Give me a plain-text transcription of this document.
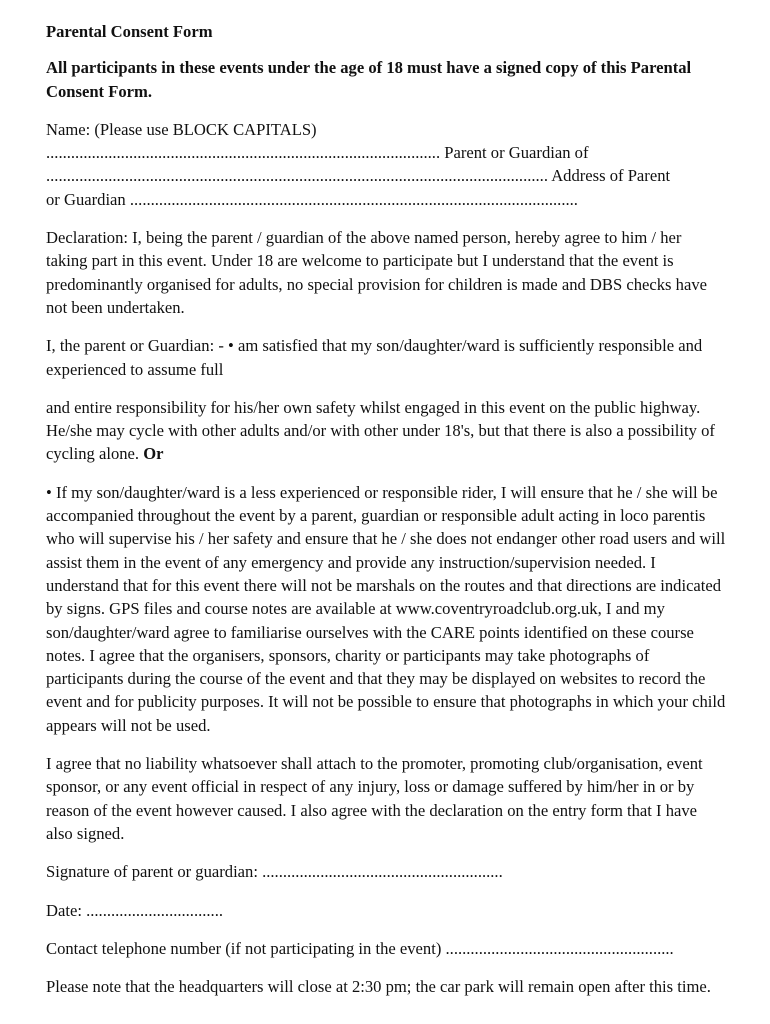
Parental Consent Form
All participants in these events under the age of 18 must have a signed copy of this Parental Consent Form.

Name: (Please use BLOCK CAPITALS)
............................................................................................... Parent or Guardian of
......................................................................................................................... Address of Parent
or Guardian ............................................................................................................

Declaration: I, being the parent / guardian of the above named person, hereby agree to him / her taking part in this event. Under 18 are welcome to participate but I understand that the event is predominantly organised for adults, no special provision for children is made and DBS checks have not been undertaken.

I, the parent or Guardian: - • am satisfied that my son/daughter/ward is sufficiently responsible and experienced to assume full

and entire responsibility for his/her own safety whilst engaged in this event on the public highway. He/she may cycle with other adults and/or with other under 18's, but that there is also a possibility of cycling alone. Or

• If my son/daughter/ward is a less experienced or responsible rider, I will ensure that he / she will be accompanied throughout the event by a parent, guardian or responsible adult acting in loco parentis who will supervise his / her safety and ensure that he / she does not endanger other road users and will assist them in the event of any emergency and provide any instruction/supervision needed. I understand that for this event there will not be marshals on the routes and that directions are indicated by signs. GPS files and course notes are available at www.coventryroadclub.org.uk, I and my son/daughter/ward agree to familiarise ourselves with the CARE points identified on these course notes. I agree that the organisers, sponsors, charity or participants may take photographs of participants during the course of the event and that they may be displayed on websites to record the event and for publicity purposes. It will not be possible to ensure that photographs in which your child appears will not be used.

I agree that no liability whatsoever shall attach to the promoter, promoting club/organisation, event sponsor, or any event official in respect of any injury, loss or damage suffered by him/her in or by reason of the event however caused. I also agree with the declaration on the entry form that I have also signed.

Signature of parent or guardian: ..........................................................

Date: .................................

Contact telephone number (if not participating in the event) .......................................................

Please note that the headquarters will close at 2:30 pm; the car park will remain open after this time.
